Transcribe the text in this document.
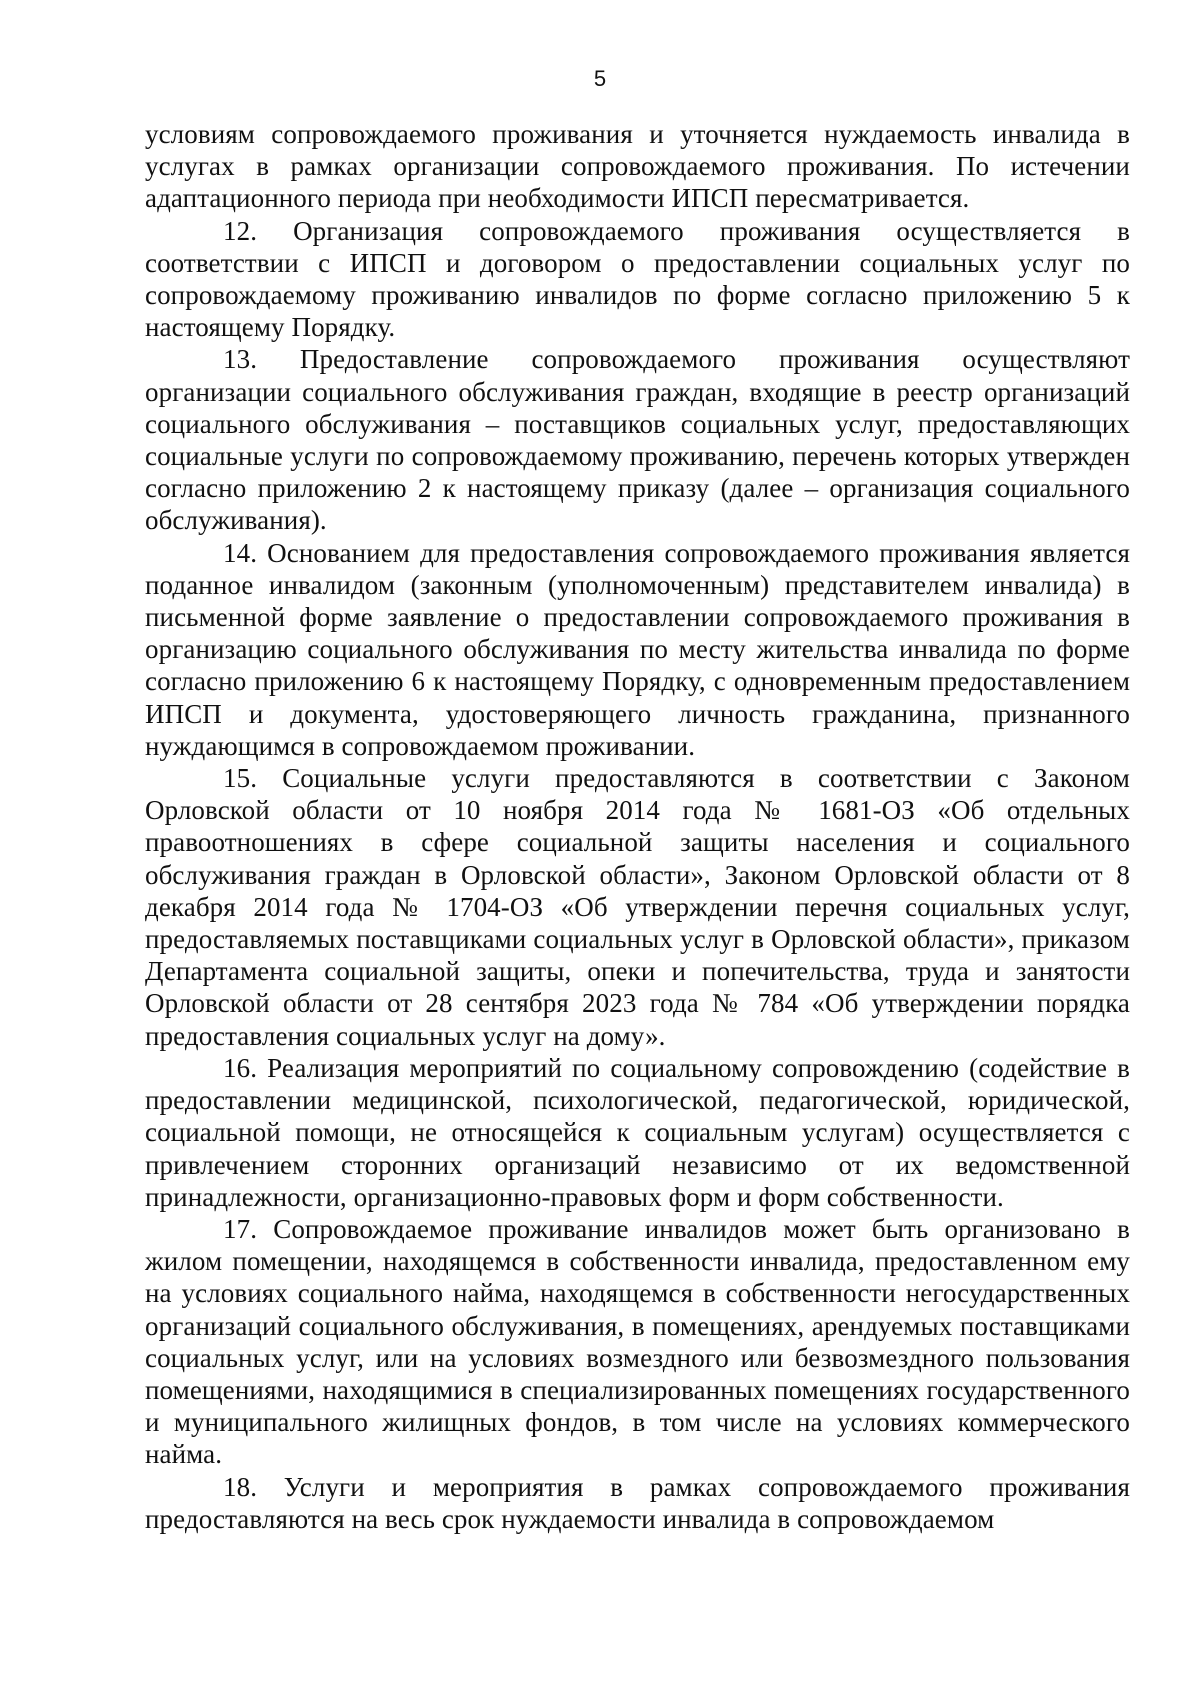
5

условиям сопровождаемого проживания и уточняется нуждаемость инвалида в услугах в рамках организации сопровождаемого проживания. По истечении адаптационного периода при необходимости ИПСП пересматривается.

12. Организация сопровождаемого проживания осуществляется в соответствии с ИПСП и договором о предоставлении социальных услуг по сопровождаемому проживанию инвалидов по форме согласно приложению 5 к настоящему Порядку.

13. Предоставление сопровождаемого проживания осуществляют организации социального обслуживания граждан, входящие в реестр организаций социального обслуживания – поставщиков социальных услуг, предоставляющих социальные услуги по сопровождаемому проживанию, перечень которых утвержден согласно приложению 2 к настоящему приказу (далее – организация социального обслуживания).

14. Основанием для предоставления сопровождаемого проживания является поданное инвалидом (законным (уполномоченным) представителем инвалида) в письменной форме заявление о предоставлении сопровождаемого проживания в организацию социального обслуживания по месту жительства инвалида по форме согласно приложению 6 к настоящему Порядку, с одновременным предоставлением ИПСП и документа, удостоверяющего личность гражданина, признанного нуждающимся в сопровождаемом проживании.

15. Социальные услуги предоставляются в соответствии с Законом Орловской области от 10 ноября 2014 года № 1681-ОЗ «Об отдельных правоотношениях в сфере социальной защиты населения и социального обслуживания граждан в Орловской области», Законом Орловской области от 8 декабря 2014 года № 1704-ОЗ «Об утверждении перечня социальных услуг, предоставляемых поставщиками социальных услуг в Орловской области», приказом Департамента социальной защиты, опеки и попечительства, труда и занятости Орловской области от 28 сентября 2023 года № 784 «Об утверждении порядка предоставления социальных услуг на дому».

16. Реализация мероприятий по социальному сопровождению (содействие в предоставлении медицинской, психологической, педагогической, юридической, социальной помощи, не относящейся к социальным услугам) осуществляется с привлечением сторонних организаций независимо от их ведомственной принадлежности, организационно-правовых форм и форм собственности.

17. Сопровождаемое проживание инвалидов может быть организовано в жилом помещении, находящемся в собственности инвалида, предоставленном ему на условиях социального найма, находящемся в собственности негосударственных организаций социального обслуживания, в помещениях, арендуемых поставщиками социальных услуг, или на условиях возмездного или безвозмездного пользования помещениями, находящимися в специализированных помещениях государственного и муниципального жилищных фондов, в том числе на условиях коммерческого найма.

18. Услуги и мероприятия в рамках сопровождаемого проживания предоставляются на весь срок нуждаемости инвалида в сопровождаемом
